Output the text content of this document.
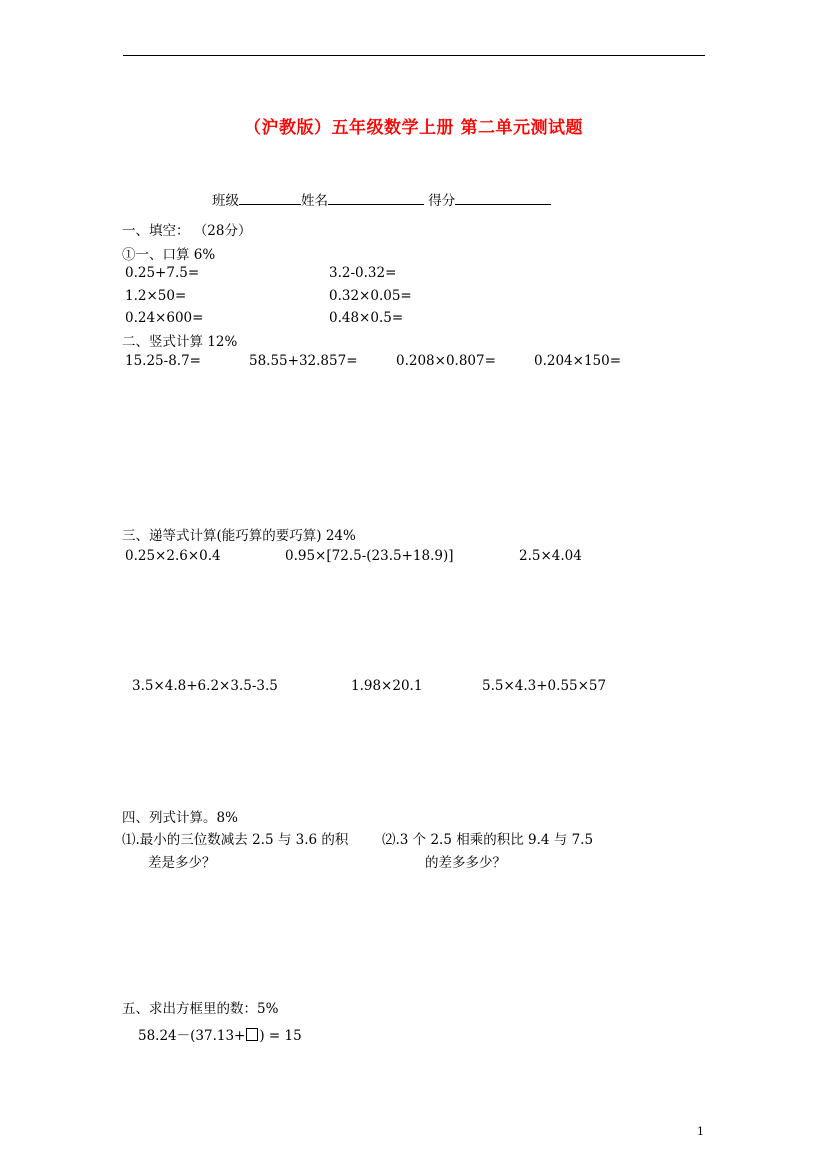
（沪教版）五年级数学上册 第二单元测试题
班级	姓名	得分
一、填空： （28分）
①一、口算 6%
0.25+7.5=	3.2-0.32=
1.2×50=	0.32×0.05=
0.24×600=	0.48×0.5=
二、竖式计算 12%
15.25-8.7=	58.55+32.857=	0.208×0.807=	0.204×150=
三、递等式计算(能巧算的要巧算) 24%
0.25×2.6×0.4	0.95×[72.5-(23.5+18.9)]	2.5×4.04
3.5×4.8+6.2×3.5-3.5	1.98×20.1	5.5×4.3+0.55×57
四、列式计算。8%
⑴.最小的三位数减去 2.5 与 3.6 的积
差是多少？
⑵.3 个 2.5 相乘的积比 9.4 与 7.5
的差多多少？
五、求出方框里的数：5%
58.24－(37.13+ ) = 15
1
